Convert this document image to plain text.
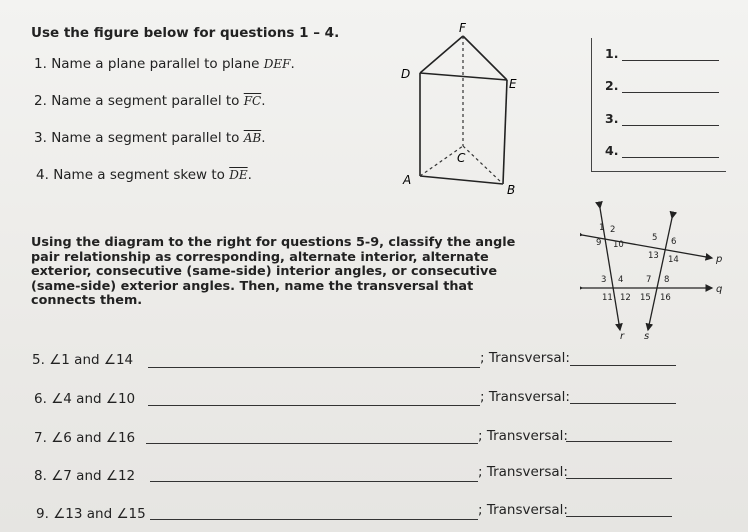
Use the figure below for questions 1 – 4.
1. Name a plane parallel to plane DEF.
2. Name a segment parallel to $\overline{FC}$.
3. Name a segment parallel to $\overline{AB}$.
4. Name a segment skew to $\overline{DE}$.
F
D
E
C
A
B
1.
2.
3.
4.
Using the diagram to the right for questions 5-9, classify the angle pair relationship as corresponding, alternate interior, alternate exterior, consecutive (same-side) interior angles, or consecutive (same-side) exterior angles. Then, name the transversal that connects them.
1 2
9 10
5 6
13 14
3 4	7 8
11 12 15 16
p
q
r s
5. ∠1 and ∠14	; Transversal:
6. ∠4 and ∠10	; Transversal:
7. ∠6 and ∠16	; Transversal:
8. ∠7 and ∠12	; Transversal:
9. ∠13 and ∠15	; Transversal:
